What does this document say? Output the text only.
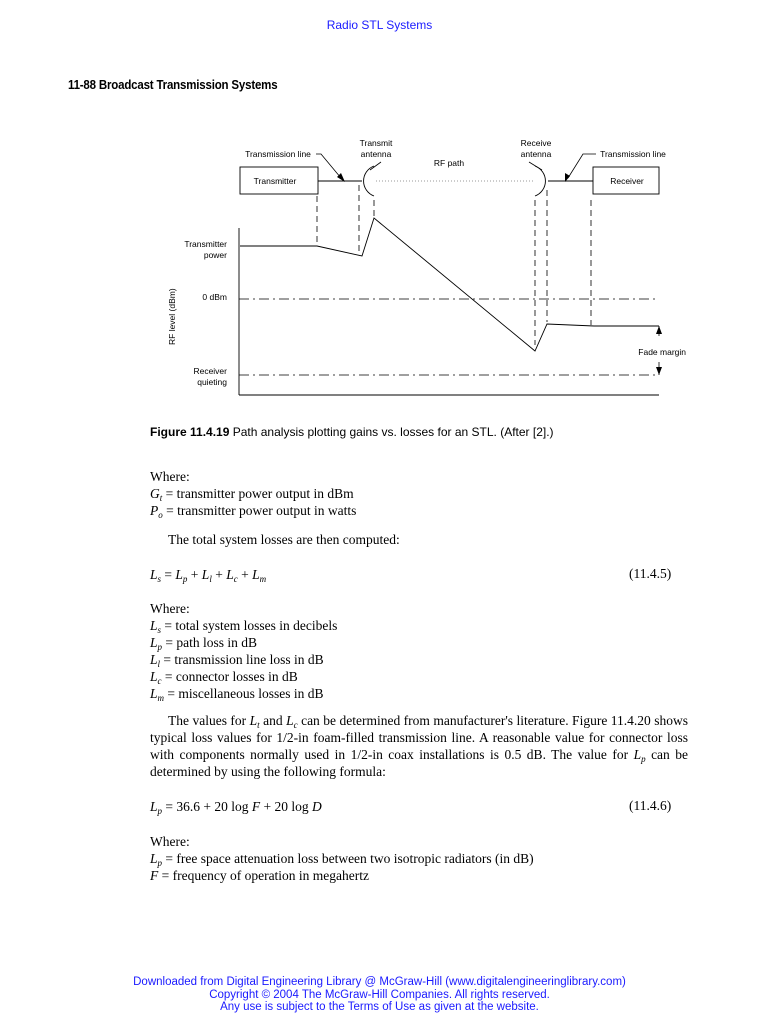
Radio STL Systems
11-88 Broadcast Transmission Systems
Transmission line
Transmit
antenna
RF path
Receive
antenna	Transmission line
Transmitter	Receiver
RF level (dBm)
Transmitter
power
0 dBm
Receiver
quieting
Fade margin
Figure 11.4.19 Path analysis plotting gains vs. losses for an STL. (After [2].)
Where:
$G_t$ = transmitter power output in dBm
$P_o$ = transmitter power output in watts
The total system losses are then computed:
$L_s = L_p + L_l + L_c + L_m$	(11.4.5)
Where:
$L_s$ = total system losses in decibels
$L_p$ = path loss in dB
$L_l$ = transmission line loss in dB
$L_c$ = connector losses in dB
$L_m$ = miscellaneous losses in dB

The values for $L_t$ and $L_c$ can be determined from manufacturer's literature. Figure 11.4.20 shows typical loss values for 1/2-in foam-filled transmission line. A reasonable value for connector loss with components normally used in 1/2-in coax installations is 0.5 dB. The value for $L_p$ can be determined by using the following formula:

$L_p = 36.6 + 20$ log F + 20 log D	(11.4.6)
Where:
$L_p$ = free space attenuation loss between two isotropic radiators (in dB)
F = frequency of operation in megahertz
Downloaded from Digital Engineering Library @ McGraw-Hill (www.digitalengineeringlibrary.com)
Copyright © 2004 The McGraw-Hill Companies. All rights reserved.
Any use is subject to the Terms of Use as given at the website.
